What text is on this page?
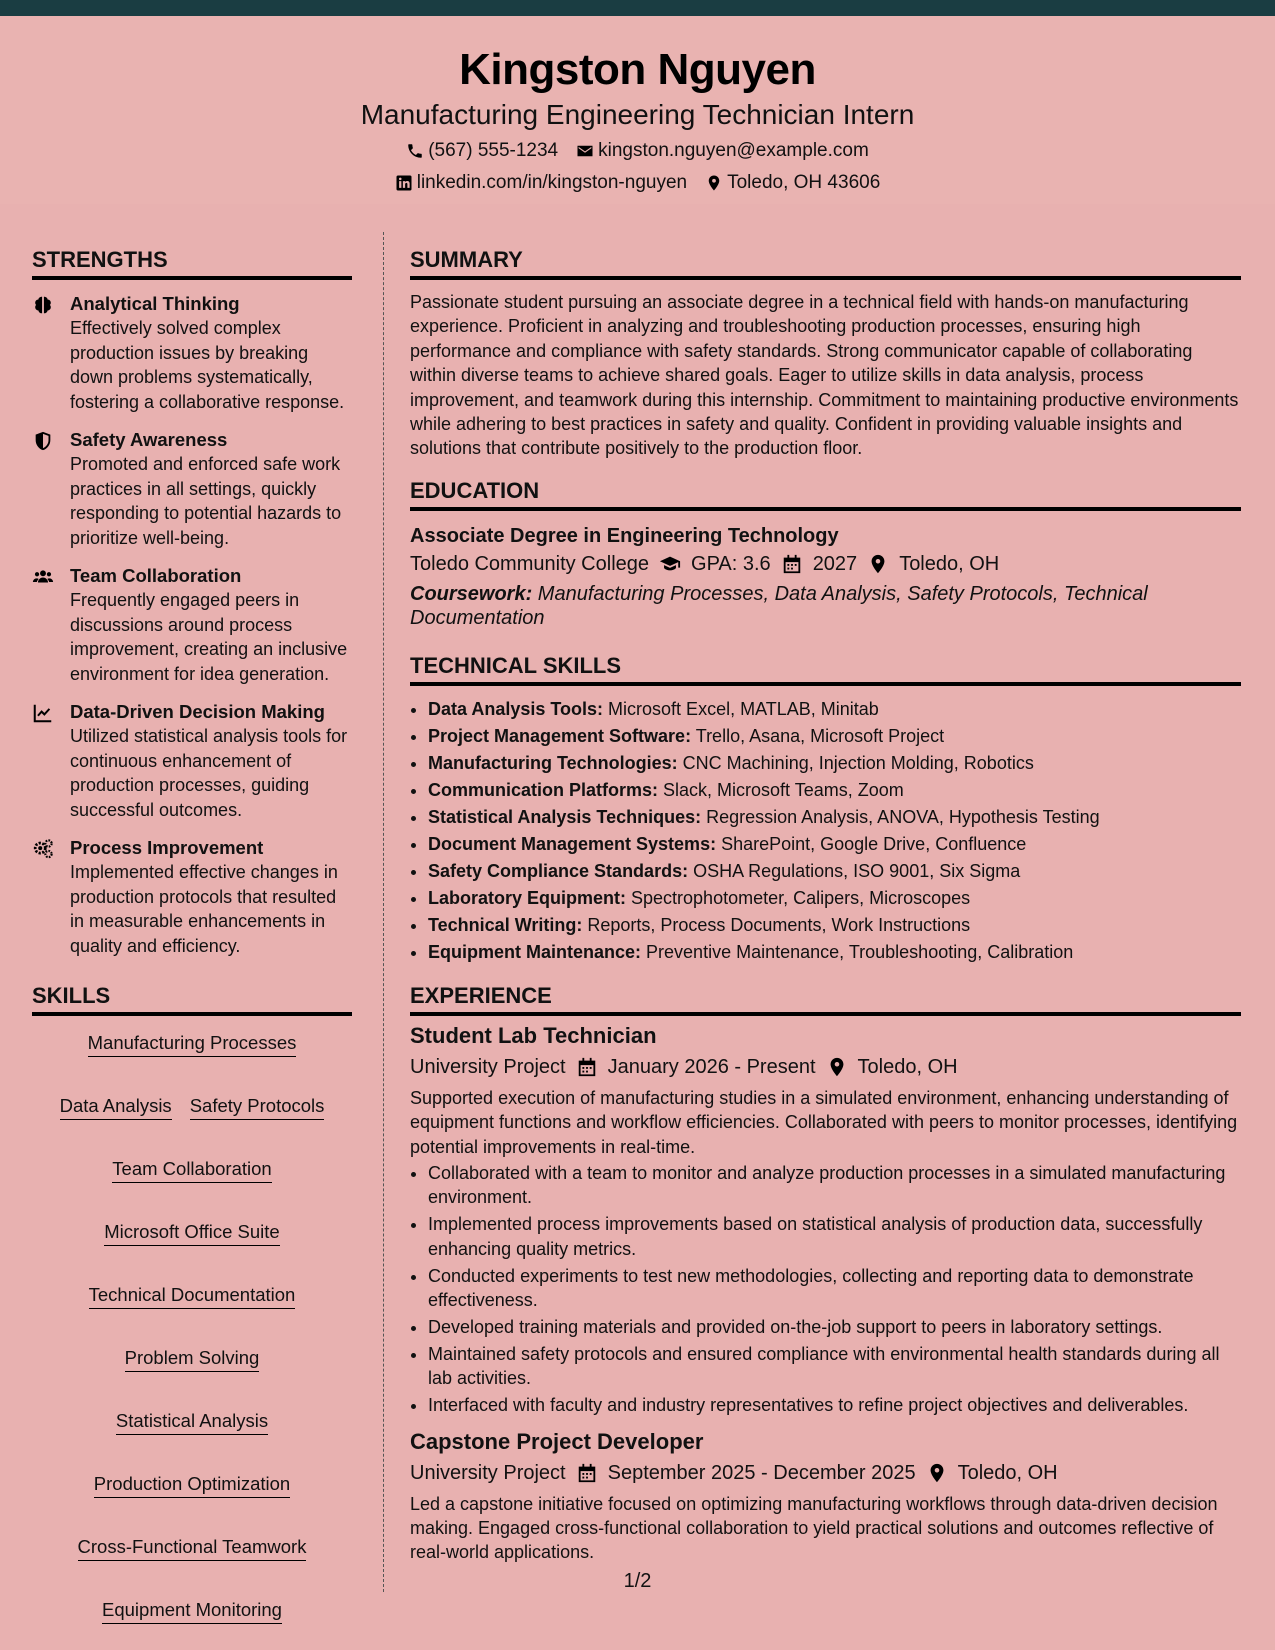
Kingston Nguyen
Manufacturing Engineering Technician Intern
(567) 555-1234 kingston.nguyen@example.com
linkedin.com/in/kingston-nguyen Toledo, OH 43606
STRENGTHS
Analytical Thinking
Effectively solved complex production issues by breaking down problems systematically, fostering a collaborative response.
Safety Awareness
Promoted and enforced safe work practices in all settings, quickly responding to potential hazards to prioritize well-being.
Team Collaboration
Frequently engaged peers in discussions around process improvement, creating an inclusive environment for idea generation.
Data-Driven Decision Making
Utilized statistical analysis tools for continuous enhancement of production processes, guiding successful outcomes.
Process Improvement
Implemented effective changes in production protocols that resulted in measurable enhancements in quality and efficiency.
SKILLS
Manufacturing Processes
Data Analysis Safety Protocols
Team Collaboration
Microsoft Office Suite
Technical Documentation
Problem Solving
Statistical Analysis
Production Optimization
Cross-Functional Teamwork
Equipment Monitoring
SUMMARY

Passionate student pursuing an associate degree in a technical field with hands-on manufacturing experience. Proficient in analyzing and troubleshooting production processes, ensuring high performance and compliance with safety standards. Strong communicator capable of collaborating within diverse teams to achieve shared goals. Eager to utilize skills in data analysis, process improvement, and teamwork during this internship. Commitment to maintaining productive environments while adhering to best practices in safety and quality. Confident in providing valuable insights and solutions that contribute positively to the production floor.

EDUCATION
Associate Degree in Engineering Technology
Toledo Community College GPA: 3.6 2027 Toledo, OH
Coursework: Manufacturing Processes, Data Analysis, Safety Protocols, Technical Documentation
TECHNICAL SKILLS
• Data Analysis Tools: Microsoft Excel, MATLAB, Minitab
• Project Management Software: Trello, Asana, Microsoft Project
• Manufacturing Technologies: CNC Machining, Injection Molding, Robotics
• Communication Platforms: Slack, Microsoft Teams, Zoom
• Statistical Analysis Techniques: Regression Analysis, ANOVA, Hypothesis Testing
• Document Management Systems: SharePoint, Google Drive, Confluence
• Safety Compliance Standards: OSHA Regulations, ISO 9001, Six Sigma
• Laboratory Equipment: Spectrophotometer, Calipers, Microscopes
• Technical Writing: Reports, Process Documents, Work Instructions
• Equipment Maintenance: Preventive Maintenance, Troubleshooting, Calibration
EXPERIENCE
Student Lab Technician
University Project January 2026 - Present Toledo, OH
Supported execution of manufacturing studies in a simulated environment, enhancing understanding of equipment functions and workflow efficiencies. Collaborated with peers to monitor processes, identifying potential improvements in real-time.
• Collaborated with a team to monitor and analyze production processes in a simulated manufacturing environment.
• Implemented process improvements based on statistical analysis of production data, successfully enhancing quality metrics.
• Conducted experiments to test new methodologies, collecting and reporting data to demonstrate effectiveness.
• Developed training materials and provided on-the-job support to peers in laboratory settings.
• Maintained safety protocols and ensured compliance with environmental health standards during all lab activities.
• Interfaced with faculty and industry representatives to refine project objectives and deliverables.
Capstone Project Developer
University Project September 2025 - December 2025 Toledo, OH
Led a capstone initiative focused on optimizing manufacturing workflows through data-driven decision making. Engaged cross-functional collaboration to yield practical solutions and outcomes reflective of real-world applications.
1/2
